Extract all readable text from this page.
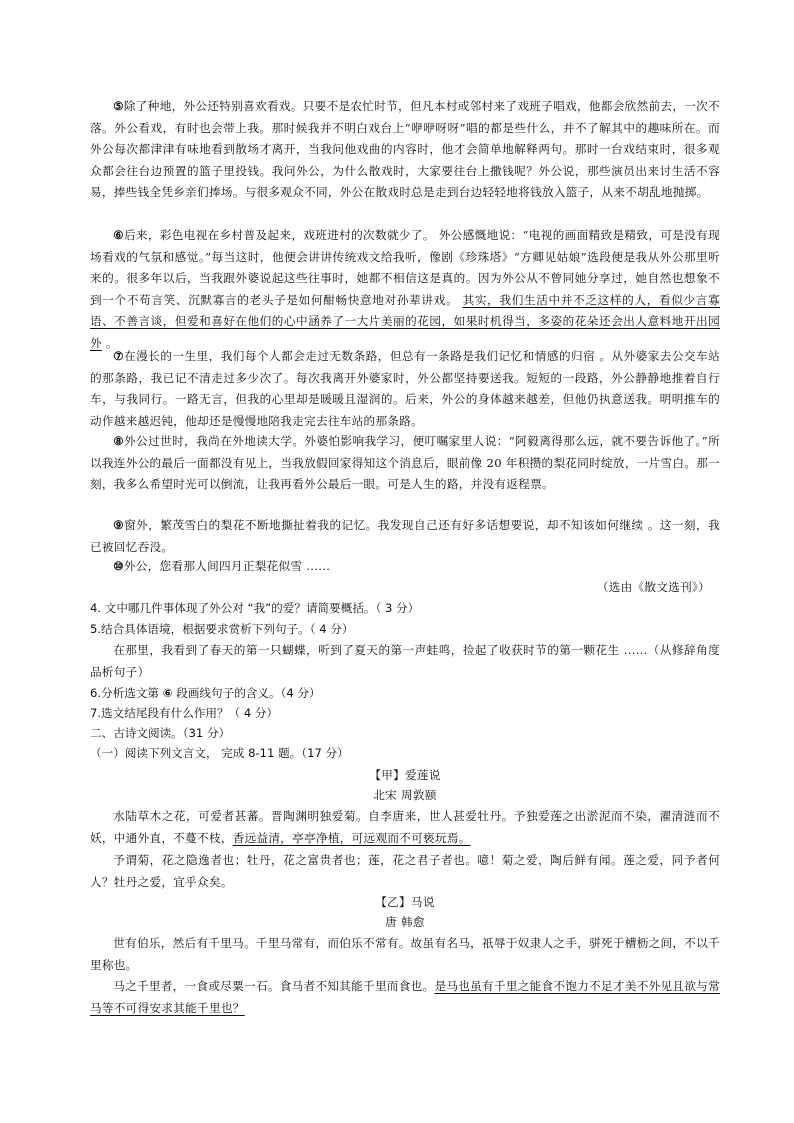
⑤除了种地，外公还特别喜欢看戏。只要不是农忙时节，但凡本村或邻村来了戏班子唱戏，他都会欣然前去，一次不落。外公看戏，有时也会带上我。那时候我并不明白戏台上“咿咿呀呀”唱的都是些什么，并不了解其中的趣味所在。而外公每次都津津有味地看到散场才离开，当我问他戏曲的内容时，他才会简单地解释两句。那时一台戏结束时，很多观众都会往台边预置的篮子里投钱。我问外公，为什么散戏时，大家要往台上撒钱呢？外公说，那些演员出来讨生活不容易，捧些钱全凭乡亲们捧场。与很多观众不同，外公在散戏时总是走到台边轻轻地将钱放入篮子，从来不胡乱地抛掷。
⑥后来，彩色电视在乡村普及起来，戏班进村的次数就少了。 外公感慨地说：“电视的画面精致是精致，可是没有现场看戏的气氛和感觉。”每当这时，他便会讲讲传统戏文给我听，像剧《珍珠塔》“方卿见姑娘”选段便是我从外公那里听来的。很多年以后，当我跟外婆说起这些往事时，她都不相信这是真的。因为外公从不曾同她分享过，她自然也想象不到一个不苟言笑、沉默寡言的老头子是如何酣畅快意地对孙辈讲戏。 其实，我们生活中并不乏这样的人，看似少言寡语、不善言谈，但爱和喜好在他们的心中涵养了一大片美丽的花园，如果时机得当，多姿的花朵还会出人意料地开出园外 。
⑦在漫长的一生里，我们每个人都会走过无数条路，但总有一条路是我们记忆和情感的归宿 。从外婆家去公交车站的那条路，我已记不清走过多少次了。每次我离开外婆家时，外公都坚持要送我。短短的一段路，外公静静地推着自行车，与我同行。一路无言，但我的心里却是暖暖且湿润的。后来，外公的身体越来越差，但他仍执意送我。明明推车的动作越来越迟钝，他却还是慢慢地陪我走完去往车站的那条路。
⑧外公过世时，我尚在外地读大学。外婆怕影响我学习，便叮嘱家里人说：“阿毅离得那么远，就不要告诉他了。”所以我连外公的最后一面都没有见上，当我放假回家得知这个消息后，眼前像 20 年积攒的梨花同时绽放，一片雪白。那一刻，我多么希望时光可以倒流，让我再看外公最后一眼。可是人生的路，并没有返程票。
⑨窗外，繁茂雪白的梨花不断地撕扯着我的记忆。我发现自己还有好多话想要说，却不知该如何继续 。这一刻，我已被回忆吞没。
⑩外公，您看那人间四月正梨花似雪 ......
（选由《散文选刊》）
4. 文中哪几件事体现了外公对 “我”的爱？请简要概括。（ 3 分）
5.结合具体语境，根据要求赏析下列句子。（ 4 分）
在那里，我看到了春天的第一只蝴蝶，听到了夏天的第一声蛙鸣，捡起了收获时节的第一颗花生 ......（从修辞角度品析句子）
6.分析选文第 ⑥ 段画线句子的含义。（4 分）
7.选文结尾段有什么作用？（ 4 分）
二、古诗文阅读。（31 分）
（一）阅读下列文言文， 完成 8-11 题。（17 分）
【甲】爱莲说
北宋 周敦颐
水陆草木之花，可爱者甚蕃。晋陶渊明独爱菊。自李唐来，世人甚爱牡丹。予独爱莲之出淤泥而不染，濯清涟而不妖，中通外直，不蔓不枝，香远益清，亭亭净植，可远观而不可亵玩焉。
予谓菊，花之隐逸者也；牡丹，花之富贵者也；莲，花之君子者也。噫！菊之爱，陶后鲜有闻。莲之爱，同予者何人？牡丹之爱，宜乎众矣。
【乙】马说
唐 韩愈
世有伯乐，然后有千里马。千里马常有，而伯乐不常有。故虽有名马，祇辱于奴隶人之手，骈死于槽枥之间，不以千里称也。
马之千里者，一食或尽粟一石。食马者不知其能千里而食也。是马也虽有千里之能食不饱力不足才美不外见且欲与常马等不可得安求其能千里也？
